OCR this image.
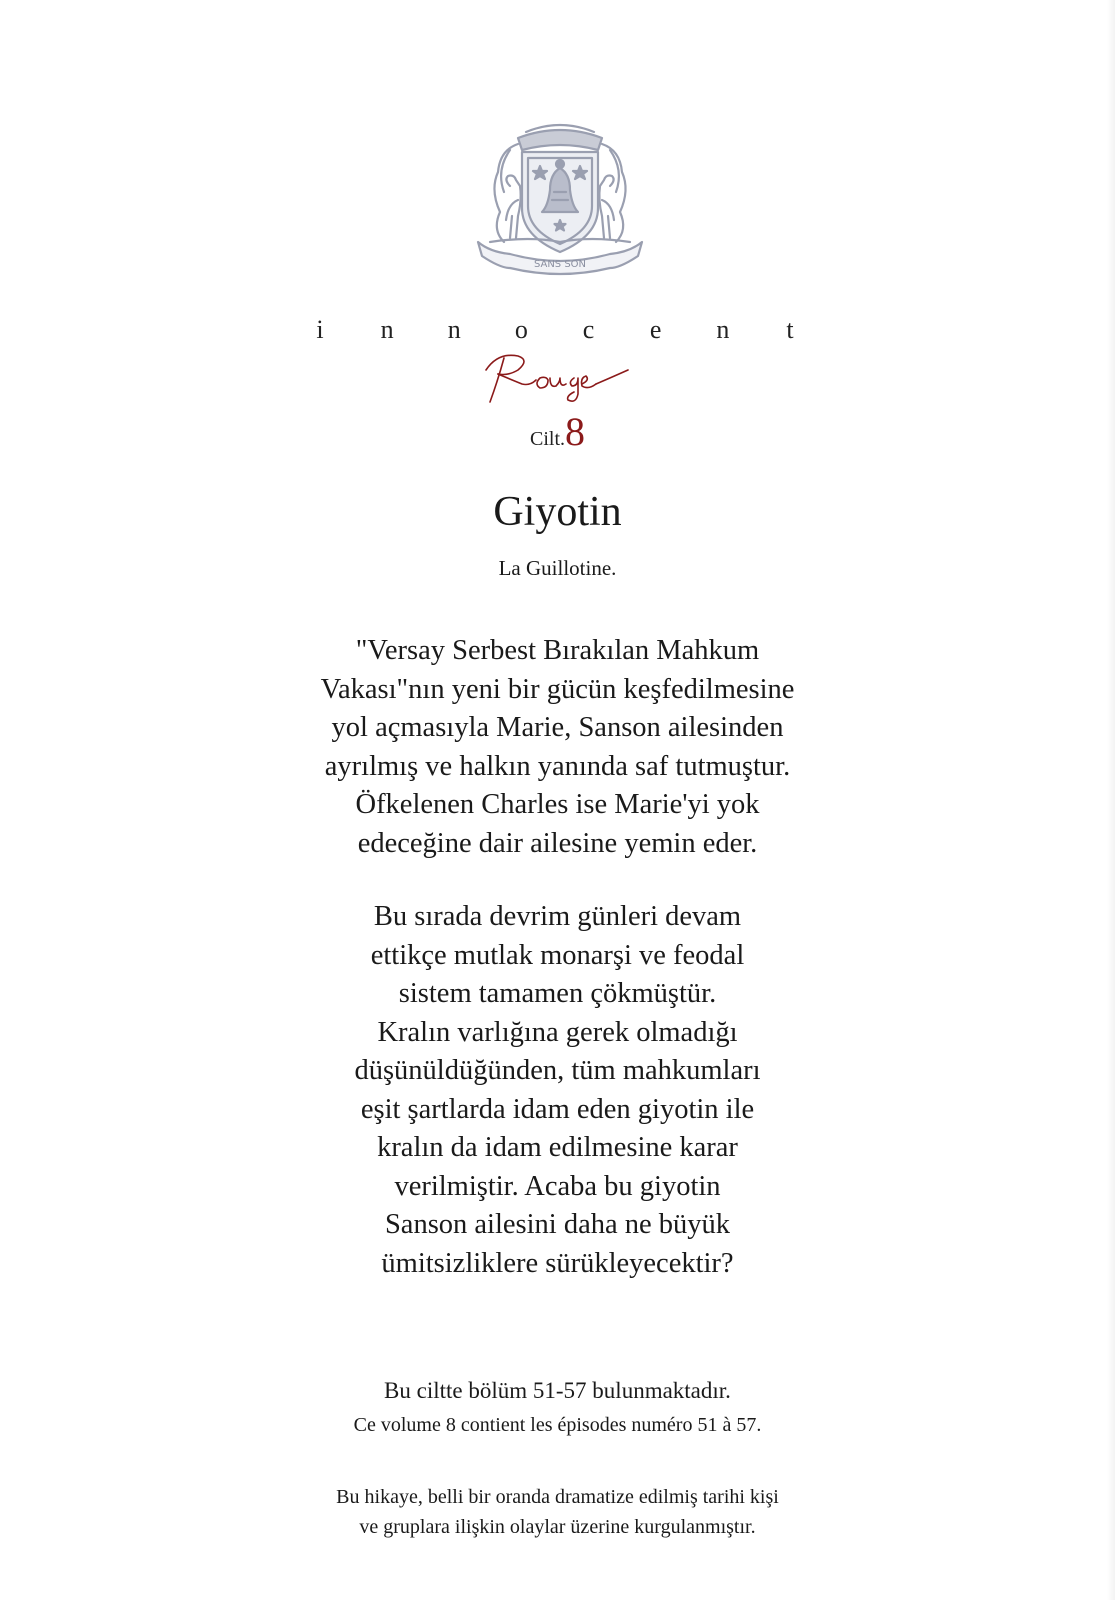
SANS SON
i n n o c e n t
Cilt.8
Giyotin
La Guillotine.
"Versay Serbest Bırakılan Mahkum
Vakası"nın yeni bir gücün keşfedilmesine
yol açmasıyla Marie, Sanson ailesinden
ayrılmış ve halkın yanında saf tutmuştur.
Öfkelenen Charles ise Marie'yi yok
edeceğine dair ailesine yemin eder.
Bu sırada devrim günleri devam
ettikçe mutlak monarşi ve feodal
sistem tamamen çökmüştür.
Kralın varlığına gerek olmadığı
düşünüldüğünden, tüm mahkumları
eşit şartlarda idam eden giyotin ile
kralın da idam edilmesine karar
verilmiştir. Acaba bu giyotin
Sanson ailesini daha ne büyük
ümitsizliklere sürükleyecektir?
Bu ciltte bölüm 51-57 bulunmaktadır.
Ce volume 8 contient les épisodes numéro 51 à 57.
Bu hikaye, belli bir oranda dramatize edilmiş tarihi kişi
ve gruplara ilişkin olaylar üzerine kurgulanmıştır.
